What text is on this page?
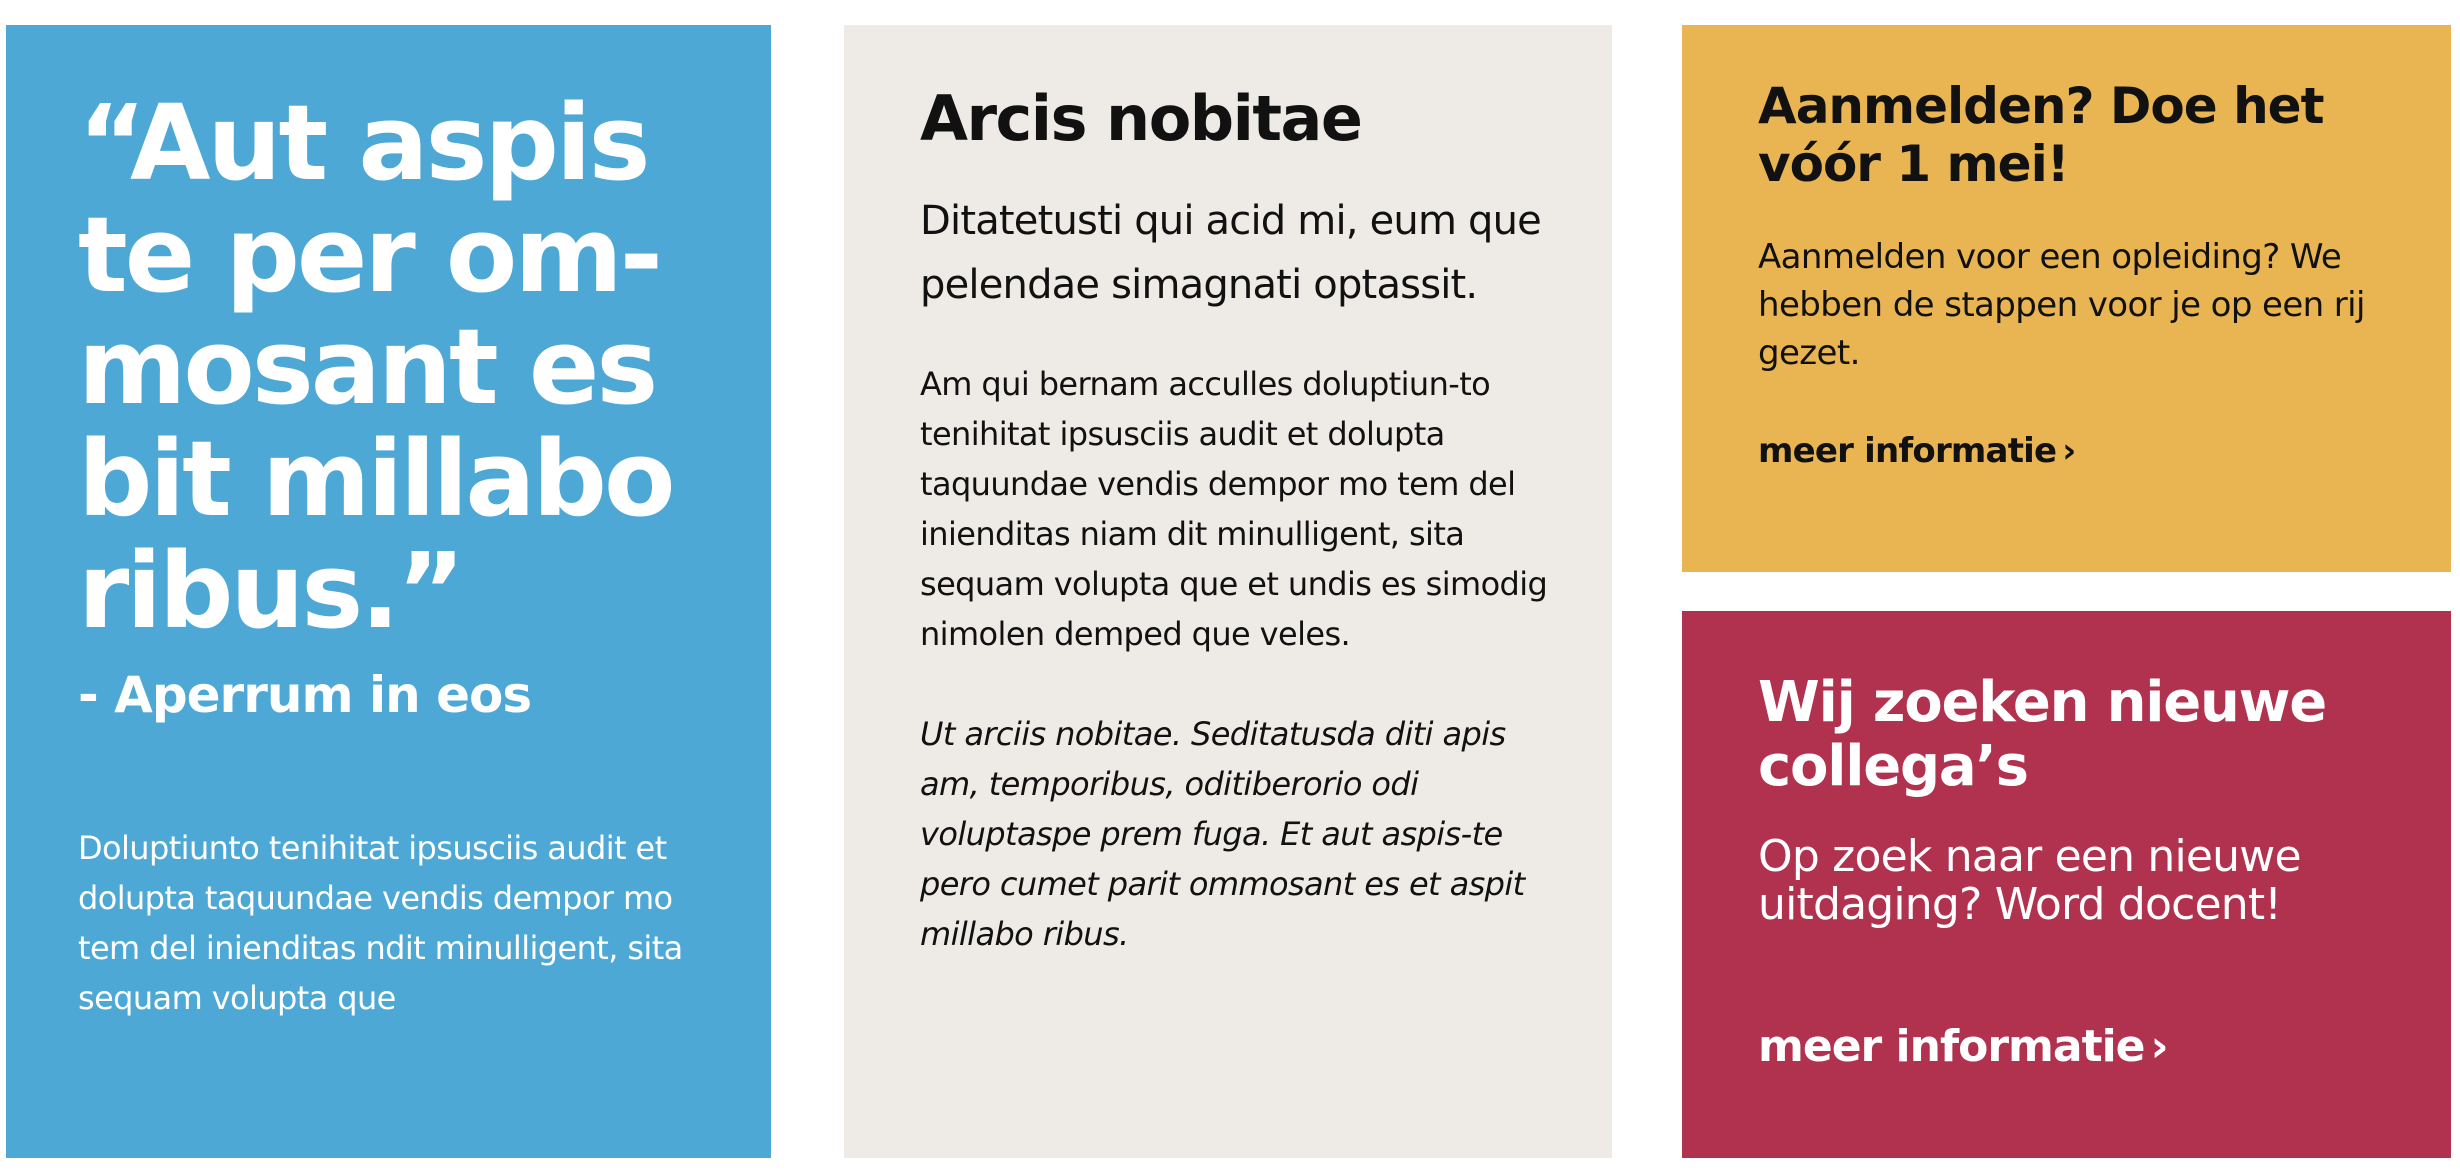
“Aut aspis te per om-mosant es bit millabo ribus.”

- Aperrum in eos

Doluptiunto tenihitat ipsusciis audit et dolupta taquundae vendis dempor mo tem del inienditas ndit minulligent, sita sequam volupta que

Arcis nobitae

Ditatetusti qui acid mi, eum que pelendae simagnati optassit.

Am qui bernam acculles doluptiun-to tenihitat ipsusciis audit et dolupta taquundae vendis dempor mo tem del inienditas niam dit minulligent, sita sequam volupta que et undis es simodig nimolen demped que veles.

Ut arciis nobitae. Seditatusda diti apis am, temporibus, oditiberorio odi voluptaspe prem fuga. Et aut aspis-te pero cumet parit ommosant es et aspit millabo ribus.

Aanmelden? Doe het vóór 1 mei!

Aanmelden voor een opleiding? We hebben de stappen voor je op een rij gezet.

meer informatie ›
Wij zoeken nieuwe collega’s

Op zoek naar een nieuwe uitdaging? Word docent!

meer informatie ›
